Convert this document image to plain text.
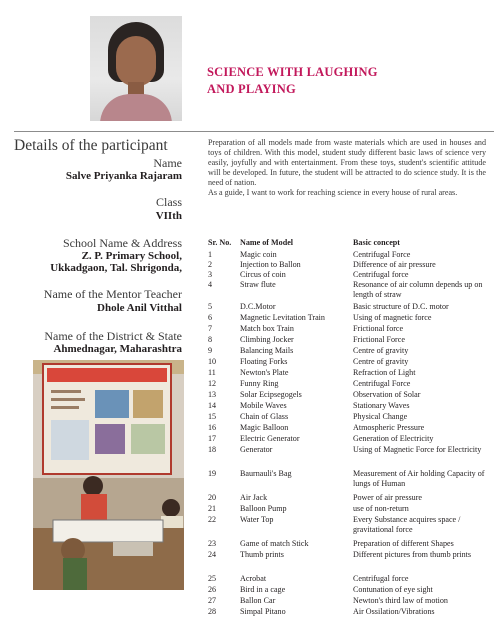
SCIENCE WITH LAUGHING
AND PLAYING
Details of the participant
Name
Salve Priyanka Rajaram
Class
VIIth
School Name & Address
Z. P. Primary School,
Ukkadgaon, Tal. Shrigonda,
Name of the Mentor Teacher
Dhole Anil Vitthal
Name of the District & State
Ahmednagar, Maharashtra

Preparation of all models made from waste materials which are used in houses and toys of children. With this model, student study different basic laws of science very easily, joyfully and with entertainment. From these toys, student's scientific attitude will be developed. In future, the student will be attracted to do science study. It is the need of nation.

As a guide, I want to work for reaching science in every house of rural areas.

Sr. No.	Name of Model	Basic concept
1	Magic coin	Centrifugal Force
2	Injection to Ballon	Difference of air pressure
3	Circus of coin	Centrifugal force
4	Straw flute	Resonance of air column depends up on length of straw
5	D.C.Motor	Basic structure of D.C. motor
6	Magnetic Levitation Train	Using of magnetic force
7	Match box Train	Frictional force
8	Climbing Jocker	Frictional Force
9	Balancing Mails	Centre of gravity
10	Floating Forks	Centre of gravity
11	Newton's Plate	Refraction of Light
12	Funny Ring	Centrifugal Force
13	Solar Ecipsegogels	Observation of Solar
14	Mobile Waves	Stationary Waves
15	Chain of Glass	Physical Change
16	Magic Balloon	Atmospheric Pressure
17	Electric Generator	Generation of Electricity
18	Generator	Using of Magnetic Force for Electricity
19	Baurnauli's Bag	Measurement of Air holding Capacity of lungs of Human
20	Air Jack	Power of air pressure
21	Balloon Pump	use of non-return
22	Water Top	Every Substance acquires space / gravitational force
23	Game of match Stick	Preparation of different Shapes
24	Thumb prints	Different pictures from thumb prints
25	Acrobat	Centrifugal force
26	Bird in a cage	Contunation of eye sight
27	Ballon Car	Newton's third law of motion
28	Simpal Pitano	Air Ossilation/Vibrations
